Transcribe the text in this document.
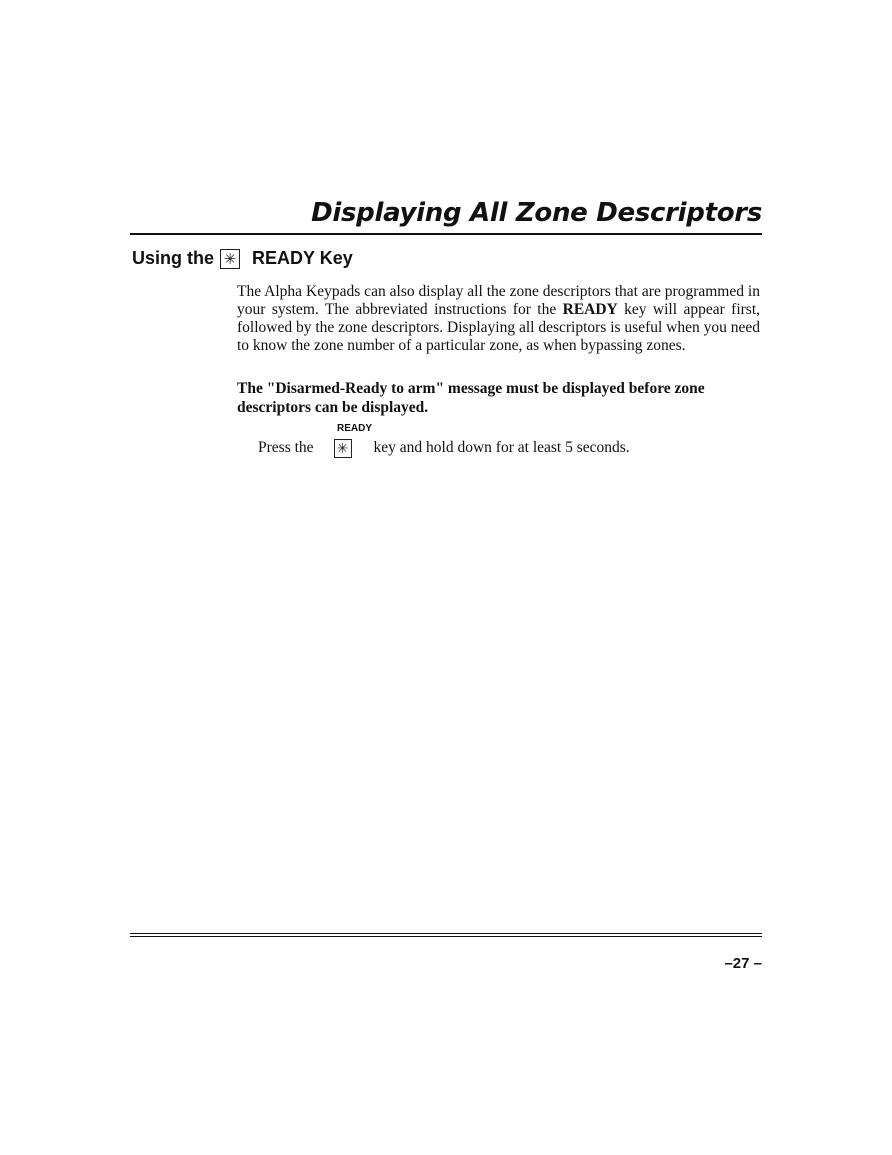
Displaying All Zone Descriptors
Using the ✳ READY Key

The Alpha Keypads can also display all the zone descriptors that are programmed in your system. The abbreviated instructions for the READY key will appear first, followed by the zone descriptors. Displaying all descriptors is useful when you need to know the zone number of a particular zone, as when bypassing zones.

The "Disarmed-Ready to arm" message must be displayed before zone descriptors can be displayed.

READY
Press the ✳ key and hold down for at least 5 seconds.
–27 –
